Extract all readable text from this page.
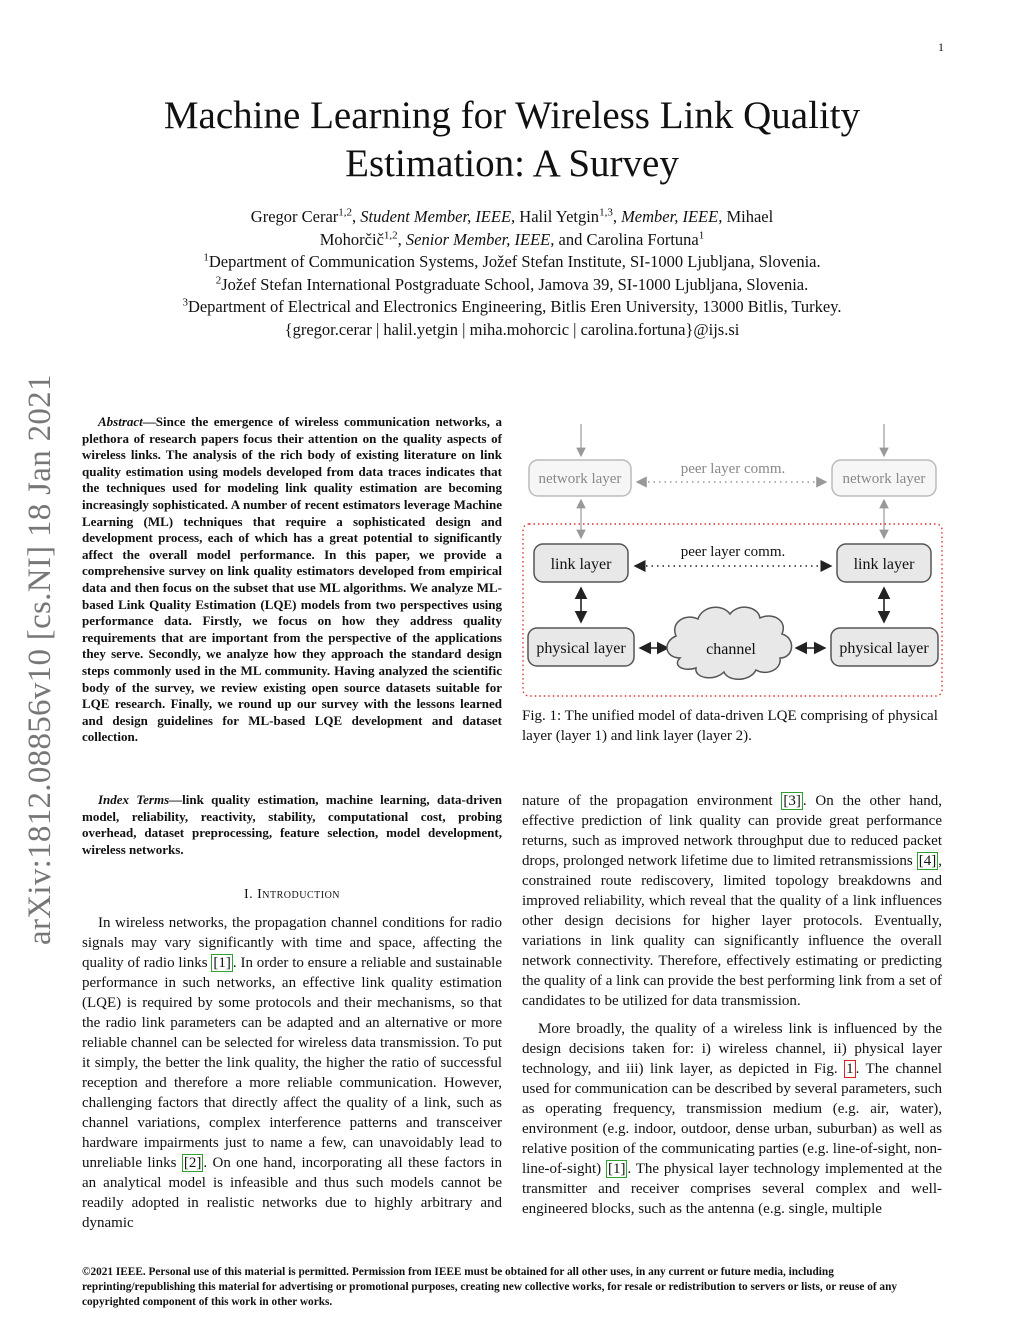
1
arXiv:1812.08856v10 [cs.NI] 18 Jan 2021
Machine Learning for Wireless Link Quality
Estimation: A Survey
Gregor Cerar$^{1,2}$, Student Member, IEEE, Halil Yetgin$^{1,3}$, Member, IEEE, Mihael
Mohorčič$^{1,2}$, Senior Member, IEEE, and Carolina Fortuna$^1$
$^1$Department of Communication Systems, Jožef Stefan Institute, SI-1000 Ljubljana, Slovenia.
$^2$Jožef Stefan International Postgraduate School, Jamova 39, SI-1000 Ljubljana, Slovenia.
$^3$Department of Electrical and Electronics Engineering, Bitlis Eren University, 13000 Bitlis, Turkey.
{gregor.cerar | halil.yetgin | miha.mohorcic | carolina.fortuna}@ijs.si
Abstract—Since the emergence of wireless communication networks, a plethora of research papers focus their attention on the quality aspects of wireless links. The analysis of the rich body of existing literature on link quality estimation using models developed from data traces indicates that the techniques used for modeling link quality estimation are becoming increasingly sophisticated. A number of recent estimators leverage Machine Learning (ML) techniques that require a sophisticated design and development process, each of which has a great potential to significantly affect the overall model performance. In this paper, we provide a comprehensive survey on link quality estimators developed from empirical data and then focus on the subset that use ML algorithms. We analyze ML-based Link Quality Estimation (LQE) models from two perspectives using performance data. Firstly, we focus on how they address quality requirements that are important from the perspective of the applications they serve. Secondly, we analyze how they approach the standard design steps commonly used in the ML community. Having analyzed the scientific body of the survey, we review existing open source datasets suitable for LQE research. Finally, we round up our survey with the lessons learned and design guidelines for ML-based LQE development and dataset collection.
Index Terms—link quality estimation, machine learning, data-driven model, reliability, reactivity, stability, computational cost, probing overhead, dataset preprocessing, feature selection, model development, wireless networks.
I. Introduction

In wireless networks, the propagation channel conditions for radio signals may vary significantly with time and space, affecting the quality of radio links [1] . In order to ensure a reliable and sustainable performance in such networks, an effective link quality estimation (LQE) is required by some protocols and their mechanisms, so that the radio link parameters can be adapted and an alternative or more reliable channel can be selected for wireless data transmission. To put it simply, the better the link quality, the higher the ratio of successful reception and therefore a more reliable communication. However, challenging factors that directly affect the quality of a link, such as channel variations, complex interference patterns and transceiver hardware impairments just to name a few, can unavoidably lead to unreliable links [2] . On one hand, incorporating all these factors in an analytical model is infeasible and thus such models cannot be readily adopted in realistic networks due to highly arbitrary and dynamic

network layer	network layer
peer layer comm.
link layer	link layer
peer layer comm.
physical layer	physical layer
channel
Fig. 1: The unified model of data-driven LQE comprising of physical layer (layer 1) and link layer (layer 2).

nature of the propagation environment [3] . On the other hand, effective prediction of link quality can provide great performance returns, such as improved network throughput due to reduced packet drops, prolonged network lifetime due to limited retransmissions [4] , constrained route rediscovery, limited topology breakdowns and improved reliability, which reveal that the quality of a link influences other design decisions for higher layer protocols. Eventually, variations in link quality can significantly influence the overall network connectivity. Therefore, effectively estimating or predicting the quality of a link can provide the best performing link from a set of candidates to be utilized for data transmission.

More broadly, the quality of a wireless link is influenced by the design decisions taken for: i) wireless channel, ii) physical layer technology, and iii) link layer, as depicted in Fig. 1 . The channel used for communication can be described by several parameters, such as operating frequency, transmission medium (e.g. air, water), environment (e.g. indoor, outdoor, dense urban, suburban) as well as relative position of the communicating parties (e.g. line-of-sight, non-line-of-sight) [1] . The physical layer technology implemented at the transmitter and receiver comprises several complex and well-engineered blocks, such as the antenna (e.g. single, multiple

©2021 IEEE. Personal use of this material is permitted. Permission from IEEE must be obtained for all other uses, in any current or future media, including reprinting/republishing this material for advertising or promotional purposes, creating new collective works, for resale or redistribution to servers or lists, or reuse of any copyrighted component of this work in other works.
